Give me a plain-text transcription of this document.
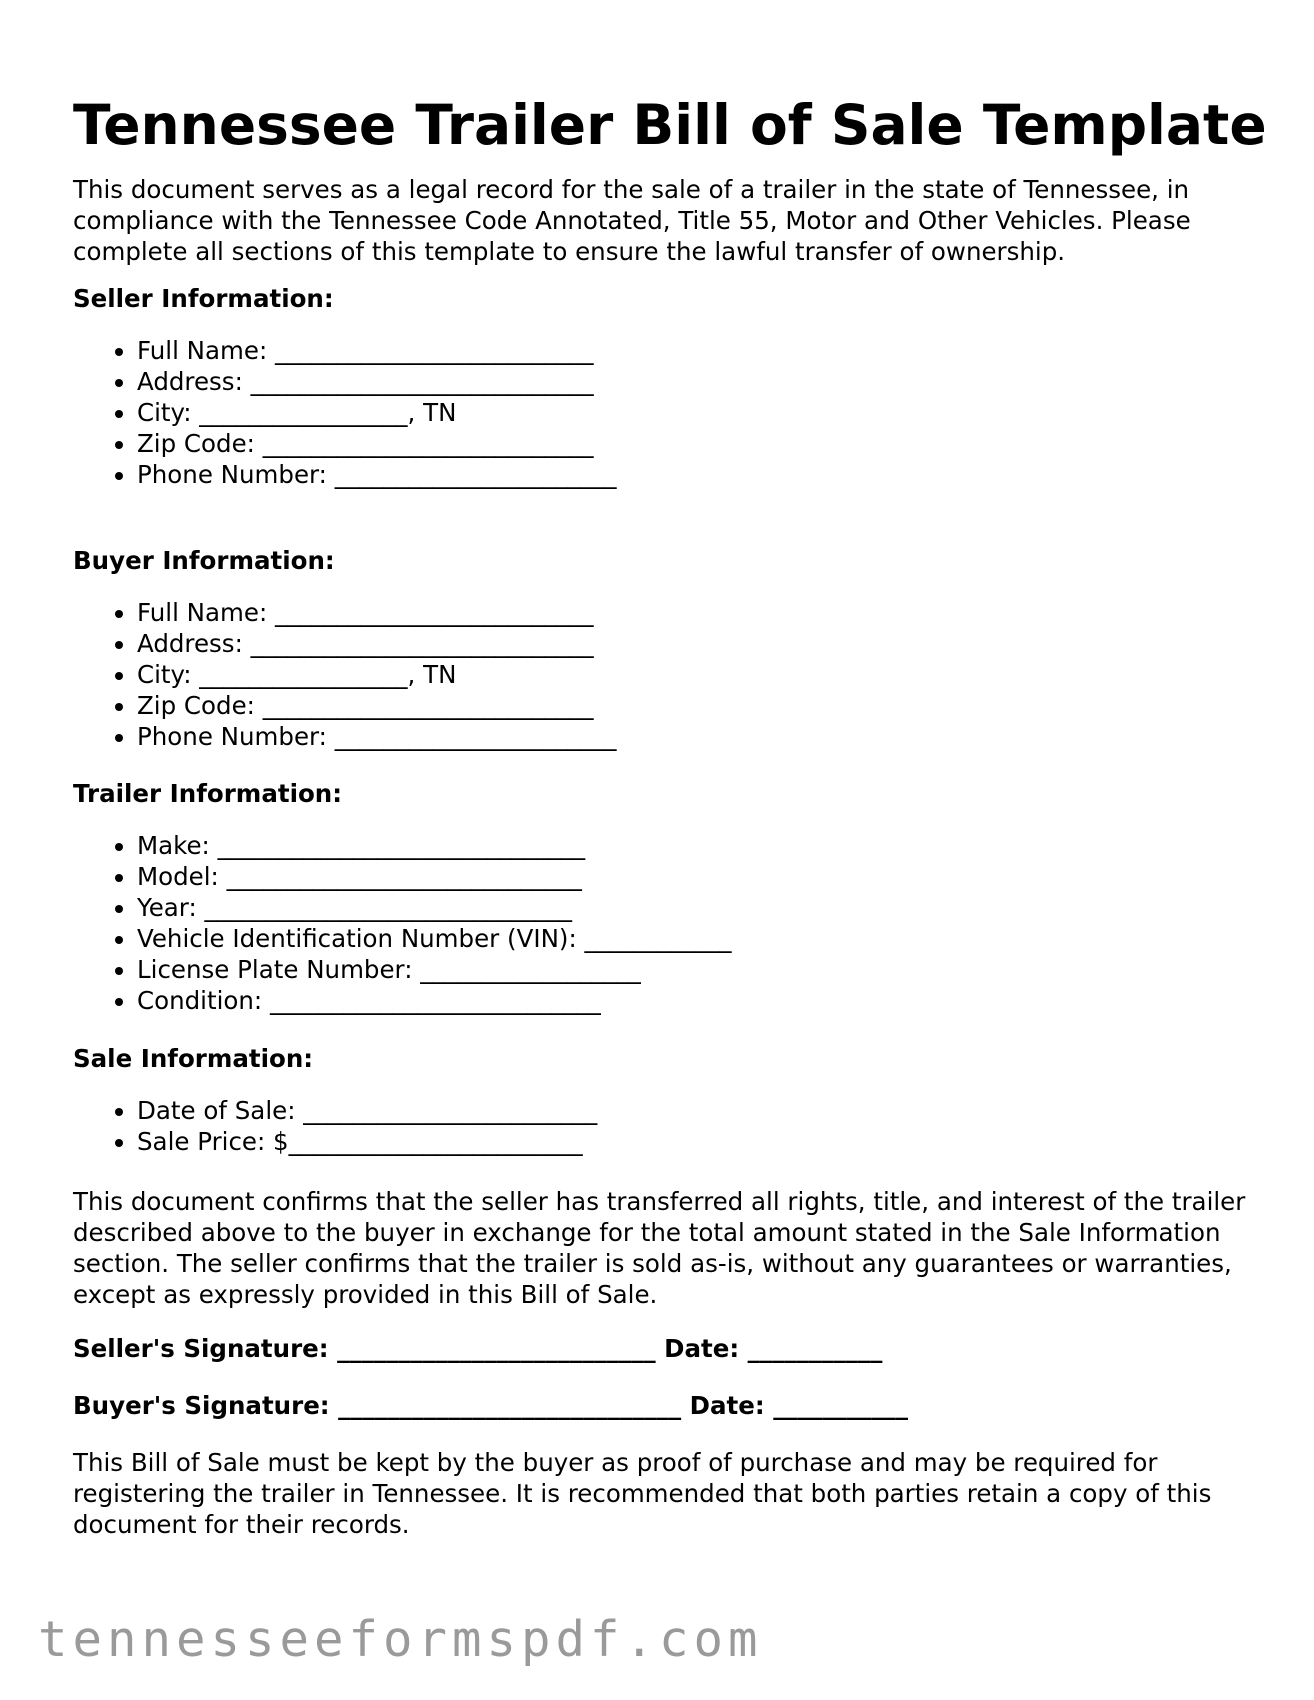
Tennessee Trailer Bill of Sale Template

This document serves as a legal record for the sale of a trailer in the state of Tennessee, in compliance with the Tennessee Code Annotated, Title 55, Motor and Other Vehicles. Please complete all sections of this template to ensure the lawful transfer of ownership.

Seller Information:

• Full Name: __________________________
• Address: ____________________________
• City: _________________, TN
• Zip Code: ___________________________
• Phone Number: _______________________

Buyer Information:

• Full Name: __________________________
• Address: ____________________________
• City: _________________, TN
• Zip Code: ___________________________
• Phone Number: _______________________

Trailer Information:

• Make: ______________________________
• Model: _____________________________
• Year: ______________________________
• Vehicle Identification Number (VIN): ____________
• License Plate Number: __________________
• Condition: ___________________________

Sale Information:

• Date of Sale: ________________________
• Sale Price: $________________________

This document confirms that the seller has transferred all rights, title, and interest of the trailer described above to the buyer in exchange for the total amount stated in the Sale Information section. The seller confirms that the trailer is sold as-is, without any guarantees or warranties, except as expressly provided in this Bill of Sale.

Seller's Signature: __________________________ Date: ___________

Buyer's Signature: ____________________________ Date: ___________

This Bill of Sale must be kept by the buyer as proof of purchase and may be required for registering the trailer in Tennessee. It is recommended that both parties retain a copy of this document for their records.

tennesseeformspdf.com
